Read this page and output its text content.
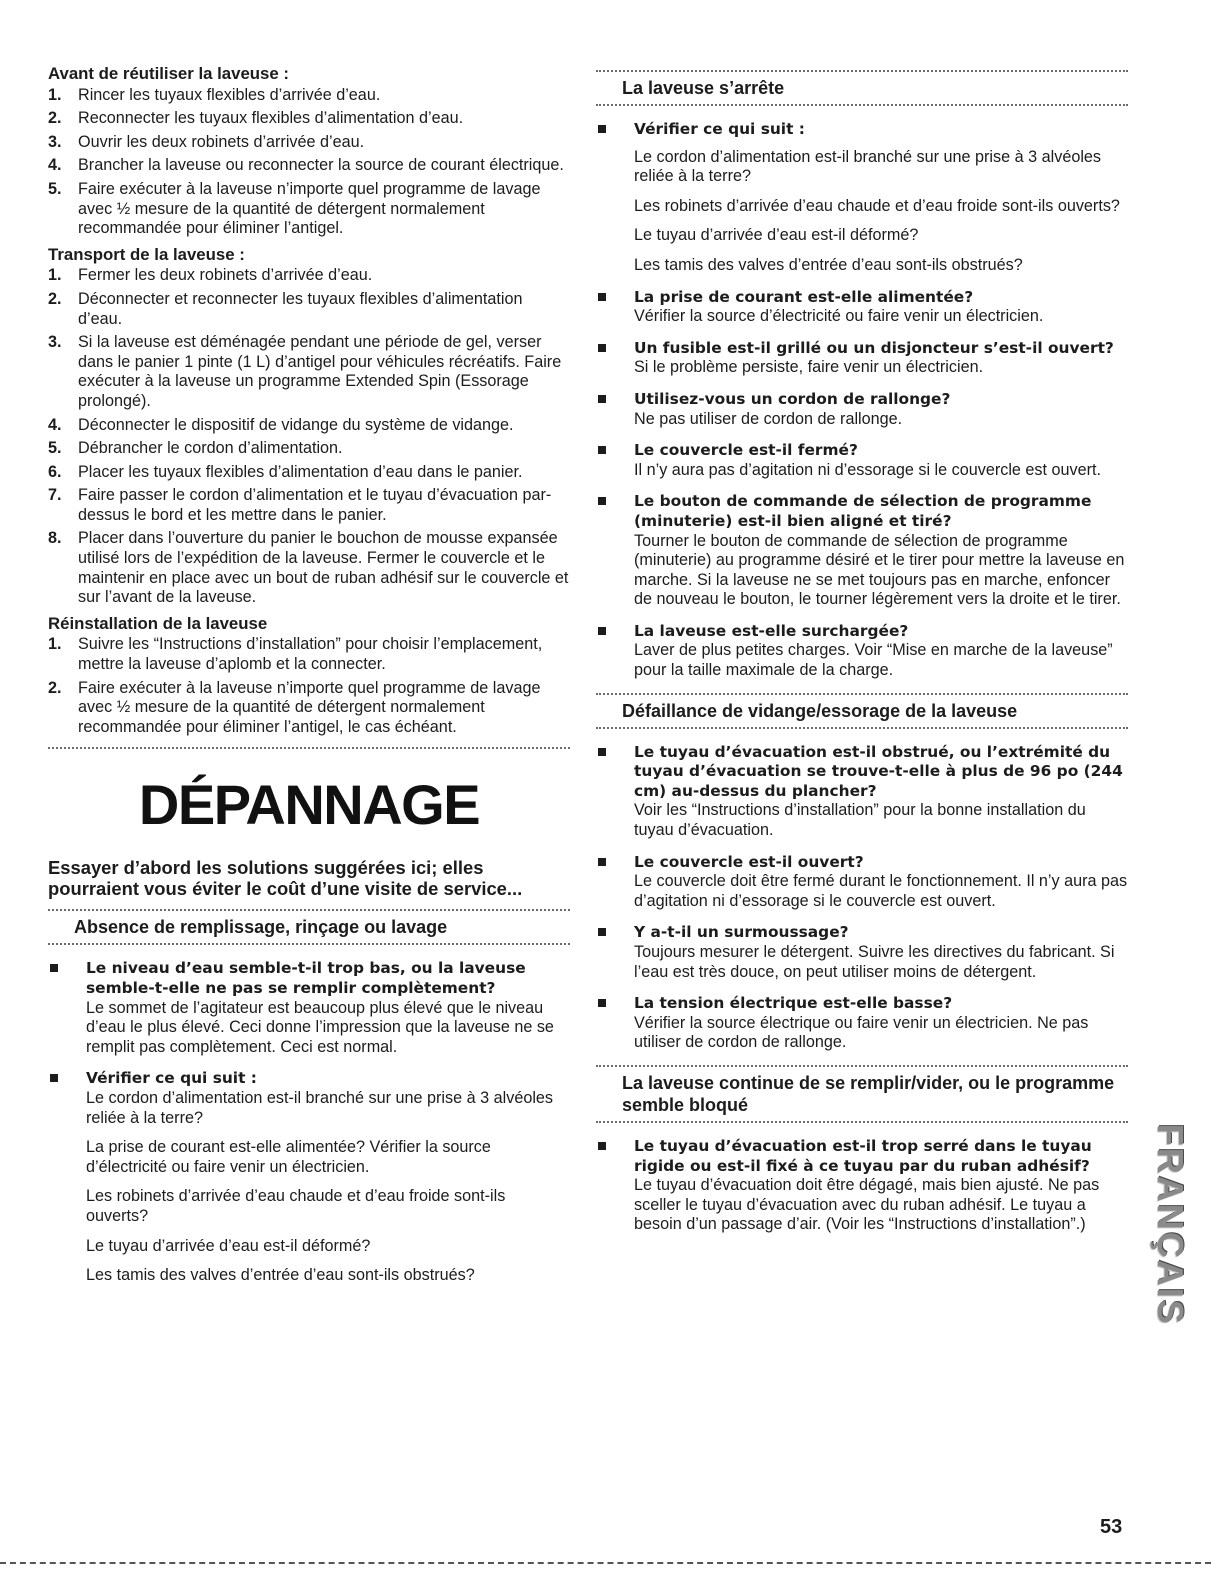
Avant de réutiliser la laveuse :
1. Rincer les tuyaux flexibles d’arrivée d’eau.
2. Reconnecter les tuyaux flexibles d’alimentation d’eau.
3. Ouvrir les deux robinets d’arrivée d’eau.
4. Brancher la laveuse ou reconnecter la source de courant électrique.
5. Faire exécuter à la laveuse n’importe quel programme de lavage avec ½ mesure de la quantité de détergent normalement recommandée pour éliminer l’antigel.
Transport de la laveuse :
1. Fermer les deux robinets d’arrivée d’eau.
2. Déconnecter et reconnecter les tuyaux flexibles d’alimentation d’eau.
3. Si la laveuse est déménagée pendant une période de gel, verser dans le panier 1 pinte (1 L) d’antigel pour véhicules récréatifs. Faire exécuter à la laveuse un programme Extended Spin (Essorage prolongé).
4. Déconnecter le dispositif de vidange du système de vidange.
5. Débrancher le cordon d’alimentation.
6. Placer les tuyaux flexibles d’alimentation d’eau dans le panier.
7. Faire passer le cordon d’alimentation et le tuyau d’évacuation par-dessus le bord et les mettre dans le panier.
8. Placer dans l’ouverture du panier le bouchon de mousse expansée utilisé lors de l’expédition de la laveuse. Fermer le couvercle et le maintenir en place avec un bout de ruban adhésif sur le couvercle et sur l’avant de la laveuse.
Réinstallation de la laveuse
1. Suivre les “Instructions d’installation” pour choisir l’emplacement, mettre la laveuse d’aplomb et la connecter.
2. Faire exécuter à la laveuse n’importe quel programme de lavage avec ½ mesure de la quantité de détergent normalement recommandée pour éliminer l’antigel, le cas échéant.
DÉPANNAGE
Essayer d’abord les solutions suggérées ici; elles pourraient vous éviter le coût d’une visite de service...
Absence de remplissage, rinçage ou lavage
Le niveau d’eau semble-t-il trop bas, ou la laveuse semble-t-elle ne pas se remplir complètement?

Le sommet de l’agitateur est beaucoup plus élevé que le niveau d’eau le plus élevé. Ceci donne l’impression que la laveuse ne se remplit pas complètement. Ceci est normal.

Vérifier ce qui suit :

Le cordon d’alimentation est-il branché sur une prise à 3 alvéoles reliée à la terre?

La prise de courant est-elle alimentée? Vérifier la source d’électricité ou faire venir un électricien.

Les robinets d’arrivée d’eau chaude et d’eau froide sont-ils ouverts?

Le tuyau d’arrivée d’eau est-il déformé?

Les tamis des valves d’entrée d’eau sont-ils obstrués?

La laveuse s’arrête
Vérifier ce qui suit :

Le cordon d’alimentation est-il branché sur une prise à 3 alvéoles reliée à la terre?

Les robinets d’arrivée d’eau chaude et d’eau froide sont-ils ouverts?

Le tuyau d’arrivée d’eau est-il déformé?

Les tamis des valves d’entrée d’eau sont-ils obstrués?

La prise de courant est-elle alimentée?

Vérifier la source d’électricité ou faire venir un électricien.

Un fusible est-il grillé ou un disjoncteur s’est-il ouvert?

Si le problème persiste, faire venir un électricien.

Utilisez-vous un cordon de rallonge?

Ne pas utiliser de cordon de rallonge.

Le couvercle est-il fermé?

Il n’y aura pas d’agitation ni d’essorage si le couvercle est ouvert.

Le bouton de commande de sélection de programme (minuterie) est-il bien aligné et tiré?

Tourner le bouton de commande de sélection de programme (minuterie) au programme désiré et le tirer pour mettre la laveuse en marche. Si la laveuse ne se met toujours pas en marche, enfoncer de nouveau le bouton, le tourner légèrement vers la droite et le tirer.

La laveuse est-elle surchargée?

Laver de plus petites charges. Voir “Mise en marche de la laveuse” pour la taille maximale de la charge.

Défaillance de vidange/essorage de la laveuse
Le tuyau d’évacuation est-il obstrué, ou l’extrémité du tuyau d’évacuation se trouve-t-elle à plus de 96 po (244 cm) au-dessus du plancher?

Voir les “Instructions d’installation” pour la bonne installation du tuyau d’évacuation.

Le couvercle est-il ouvert?

Le couvercle doit être fermé durant le fonctionnement. Il n’y aura pas d’agitation ni d’essorage si le couvercle est ouvert.

Y a-t-il un surmoussage?

Toujours mesurer le détergent. Suivre les directives du fabricant. Si l’eau est très douce, on peut utiliser moins de détergent.

La tension électrique est-elle basse?

Vérifier la source électrique ou faire venir un électricien. Ne pas utiliser de cordon de rallonge.

La laveuse continue de se remplir/vider, ou le programme semble bloqué
Le tuyau d’évacuation est-il trop serré dans le tuyau rigide ou est-il fixé à ce tuyau par du ruban adhésif?

Le tuyau d’évacuation doit être dégagé, mais bien ajusté. Ne pas sceller le tuyau d’évacuation avec du ruban adhésif. Le tuyau a besoin d’un passage d’air. (Voir les “Instructions d’installation”.)	FRANÇAIS
53
